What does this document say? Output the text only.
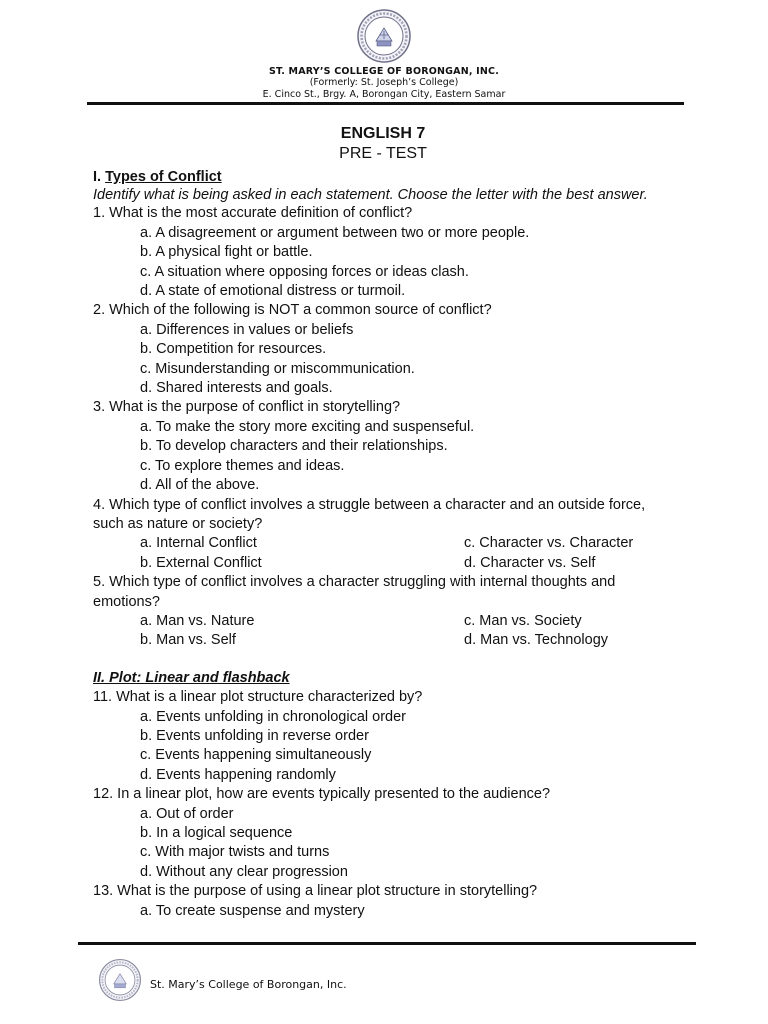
ST. MARY’S COLLEGE OF BORONGAN, INC.
(Formerly: St. Joseph’s College)
E. Cinco St., Brgy. A, Borongan City, Eastern Samar
ENGLISH 7
PRE - TEST
I. Types of Conflict
Identify what is being asked in each statement. Choose the letter with the best answer.
1. What is the most accurate definition of conflict?
a. A disagreement or argument between two or more people.
b. A physical fight or battle.
c. A situation where opposing forces or ideas clash.
d. A state of emotional distress or turmoil.
2. Which of the following is NOT a common source of conflict?
a. Differences in values or beliefs
b. Competition for resources.
c. Misunderstanding or miscommunication.
d. Shared interests and goals.
3. What is the purpose of conflict in storytelling?
a. To make the story more exciting and suspenseful.
b. To develop characters and their relationships.
c. To explore themes and ideas.
d. All of the above.
4. Which type of conflict involves a struggle between a character and an outside force, such as nature or society?
a. Internal Conflict	c. Character vs. Character
b. External Conflict	d. Character vs. Self
5. Which type of conflict involves a character struggling with internal thoughts and emotions?
a. Man vs. Nature	c. Man vs. Society
b. Man vs. Self	d. Man vs. Technology
II. Plot: Linear and flashback
11. What is a linear plot structure characterized by?
a. Events unfolding in chronological order
b. Events unfolding in reverse order
c. Events happening simultaneously
d. Events happening randomly
12. In a linear plot, how are events typically presented to the audience?
a. Out of order
b. In a logical sequence
c. With major twists and turns
d. Without any clear progression
13. What is the purpose of using a linear plot structure in storytelling?
a. To create suspense and mystery
St. Mary’s College of Borongan, Inc.
